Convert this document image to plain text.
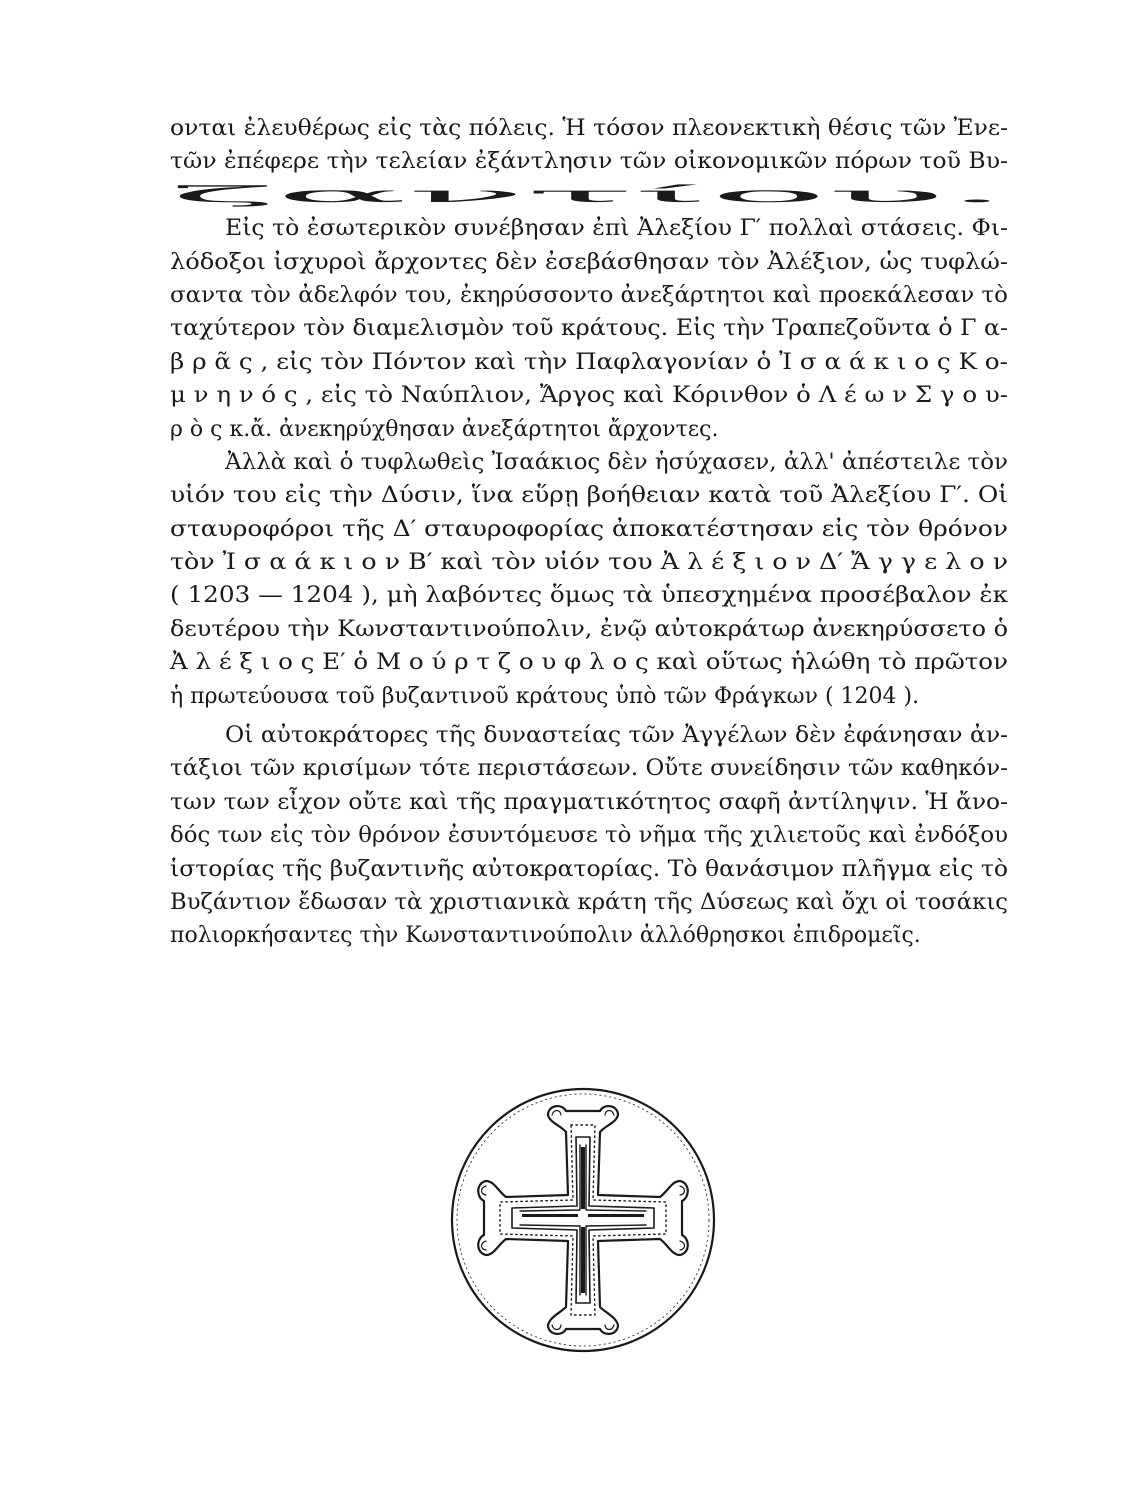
ονται ἐλευθέρως εἰς τὰς πόλεις. Ἡ τόσον πλεονεκτικὴ θέσις τῶν Ἐνε-
τῶν ἐπέφερε τὴν τελείαν ἐξάντλησιν τῶν οἰκονομικῶν πόρων τοῦ Βυ-
ζαντίου.
Εἰς τὸ ἐσωτερικὸν συνέβησαν ἐπὶ Ἀλεξίου Γ′ πολλαὶ στάσεις. Φι-
λόδοξοι ἰσχυροὶ ἄρχοντες δὲν ἐσεβάσθησαν τὸν Ἀλέξιον, ὡς τυφλώ-
σαντα τὸν ἀδελφόν του, ἐκηρύσσοντο ἀνεξάρτητοι καὶ προεκάλεσαν τὸ
ταχύτερον τὸν διαμελισμὸν τοῦ κράτους. Εἰς τὴν Τραπεζοῦντα ὁ Γ α-
β ρ ᾶ ς , εἰς τὸν Πόντον καὶ τὴν Παφλαγονίαν ὁ Ἰ σ α ά κ ι ο ς Κ ο-
μ ν η ν ό ς , εἰς τὸ Ναύπλιον, Ἄργος καὶ Κόρινθον ὁ Λ έ ω ν Σ γ ο υ-
ρ ὸ ς κ.ἄ. ἀνεκηρύχθησαν ἀνεξάρτητοι ἄρχοντες.
Ἀλλὰ καὶ ὁ τυφλωθεὶς Ἰσαάκιος δὲν ἡσύχασεν, ἀλλ' ἀπέστειλε τὸν
υἱόν του εἰς τὴν Δύσιν, ἵνα εὕρῃ βοήθειαν κατὰ τοῦ Ἀλεξίου Γ′. Οἱ
σταυροφόροι τῆς Δ′ σταυροφορίας ἀποκατέστησαν εἰς τὸν θρόνον
τὸν Ἰ σ α ά κ ι ο ν Β′ καὶ τὸν υἱόν του Ἀ λ έ ξ ι ο ν Δ′ Ἄ γ γ ε λ ο ν
( 1203 — 1204 ), μὴ λαβόντες ὅμως τὰ ὑπεσχημένα προσέβαλον ἐκ
δευτέρου τὴν Κωνσταντινούπολιν, ἐνῷ αὐτοκράτωρ ἀνεκηρύσσετο ὁ
Ἀ λ έ ξ ι ο ς Ε′ ὁ Μ ο ύ ρ τ ζ ο υ φ λ ο ς καὶ οὕτως ἡλώθη τὸ πρῶτον
ἡ πρωτεύουσα τοῦ βυζαντινοῦ κράτους ὑπὸ τῶν Φράγκων ( 1204 ).
Οἱ αὐτοκράτορες τῆς δυναστείας τῶν Ἀγγέλων δὲν ἐφάνησαν ἀν-
τάξιοι τῶν κρισίμων τότε περιστάσεων. Οὔτε συνείδησιν τῶν καθηκόν-
των των εἶχον οὔτε καὶ τῆς πραγματικότητος σαφῆ ἀντίληψιν. Ἡ ἄνο-
δός των εἰς τὸν θρόνον ἐσυντόμευσε τὸ νῆμα τῆς χιλιετοῦς καὶ ἐνδόξου
ἱστορίας τῆς βυζαντινῆς αὐτοκρατορίας. Τὸ θανάσιμον πλῆγμα εἰς τὸ
Βυζάντιον ἔδωσαν τὰ χριστιανικὰ κράτη τῆς Δύσεως καὶ ὄχι οἱ τοσάκις
πολιορκήσαντες τὴν Κωνσταντινούπολιν ἀλλόθρησκοι ἐπιδρομεῖς.
